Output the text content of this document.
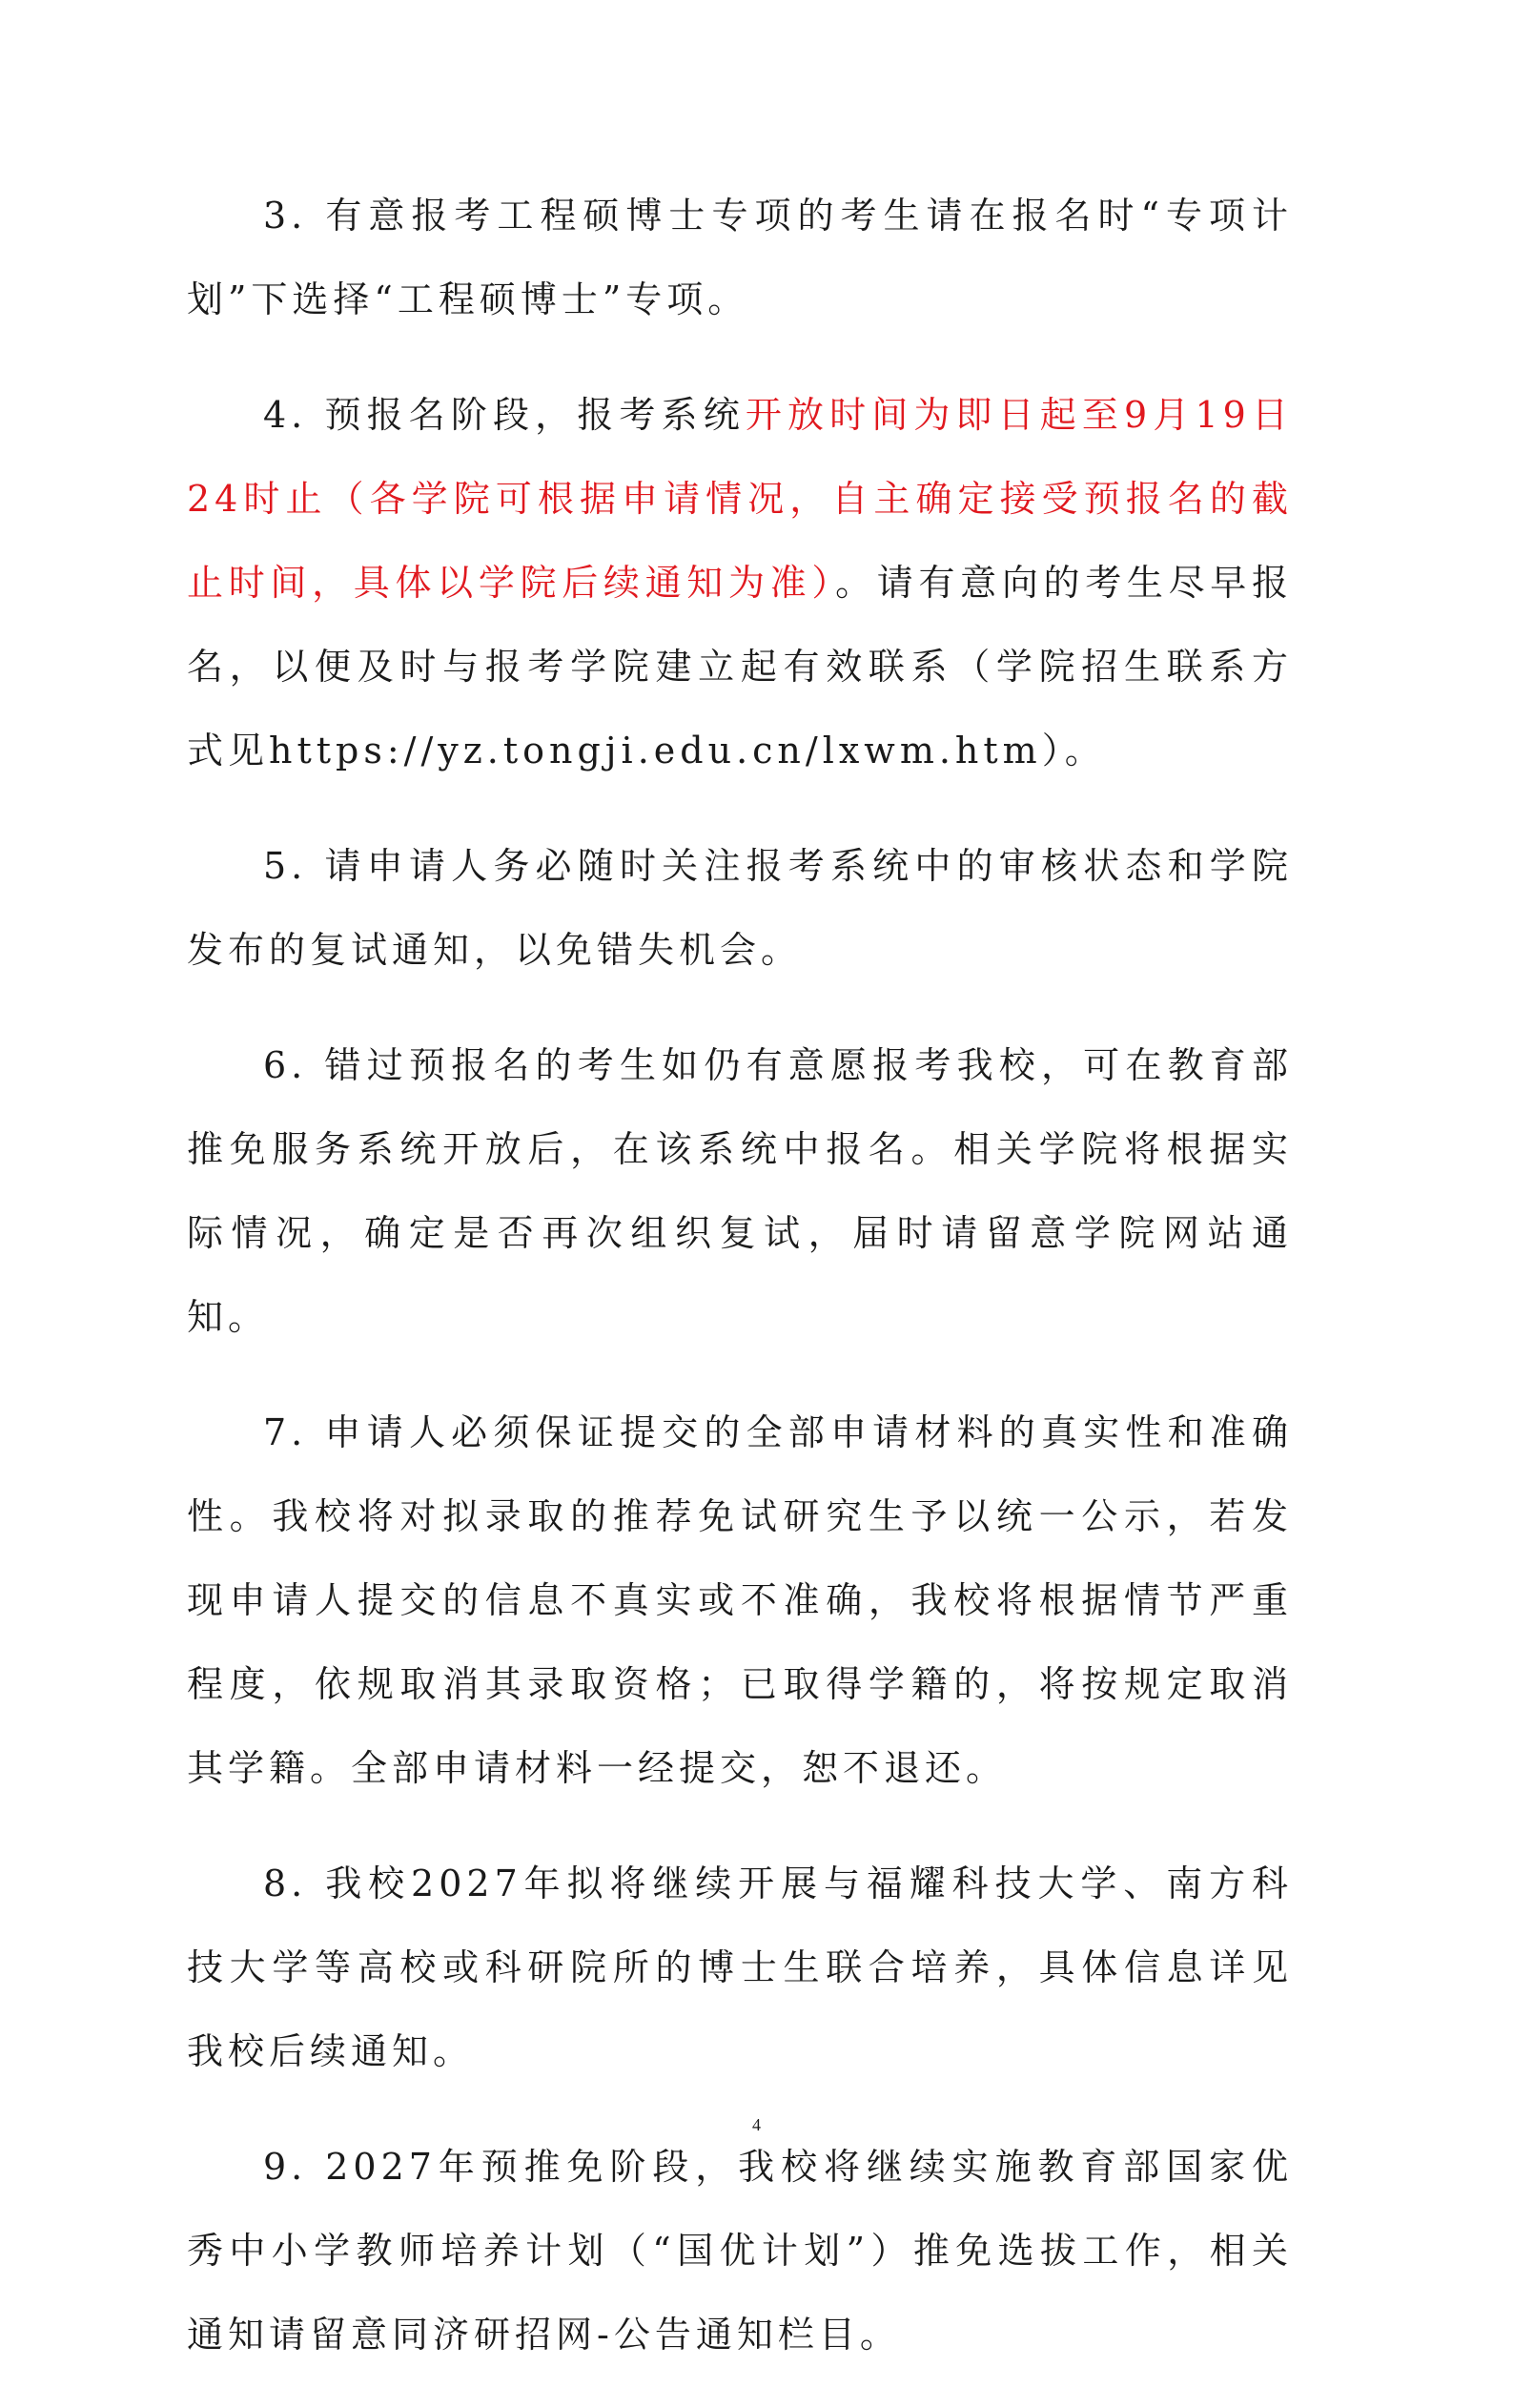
3. 有意报考工程硕博士专项的考生请在报名时“专项计划”下选择“工程硕博士”专项。

4. 预报名阶段，报考系统开放时间为即日起至9月19日24时止（各学院可根据申请情况，自主确定接受预报名的截止时间，具体以学院后续通知为准）。请有意向的考生尽早报名，以便及时与报考学院建立起有效联系（学院招生联系方式见https://yz.tongji.edu.cn/lxwm.htm）。

5. 请申请人务必随时关注报考系统中的审核状态和学院发布的复试通知，以免错失机会。

6. 错过预报名的考生如仍有意愿报考我校，可在教育部推免服务系统开放后，在该系统中报名。相关学院将根据实际情况，确定是否再次组织复试，届时请留意学院网站通知。

7. 申请人必须保证提交的全部申请材料的真实性和准确性。我校将对拟录取的推荐免试研究生予以统一公示，若发现申请人提交的信息不真实或不准确，我校将根据情节严重程度，依规取消其录取资格；已取得学籍的，将按规定取消其学籍。全部申请材料一经提交，恕不退还。

8. 我校2027年拟将继续开展与福耀科技大学、南方科技大学等高校或科研院所的博士生联合培养，具体信息详见我校后续通知。

9. 2027年预推免阶段，我校将继续实施教育部国家优秀中小学教师培养计划（“国优计划”）推免选拔工作，相关通知请留意同济研招网-公告通知栏目。

4
